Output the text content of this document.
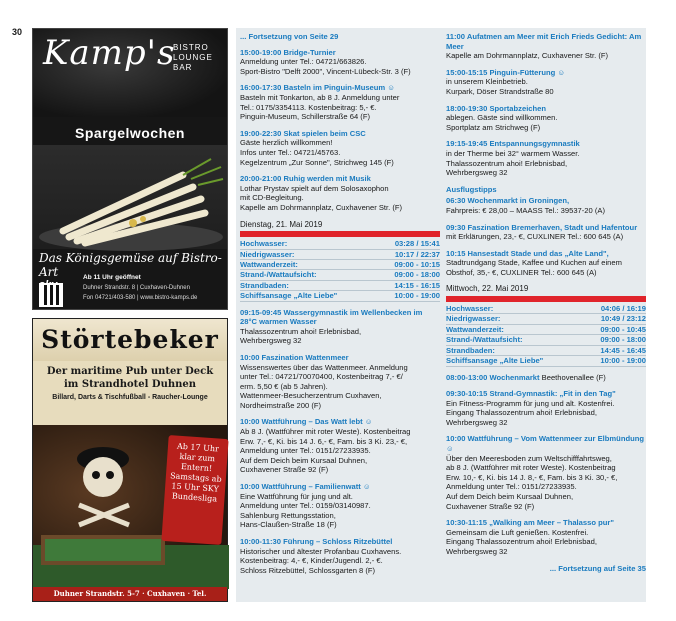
30
Kamp's
BISTRO
LOUNGE
BAR
Spargelwochen
Das Königsgemüse auf Bistro-Art	Ab 11 Uhr geöffnet
Duhner Strandstr. 8 | Cuxhaven-Duhnen
Fon 04721/403-580 | www.bistro-kamps.de
Störtebeker
Der maritime Pub unter Deck
im Strandhotel Duhnen
Billard, Darts & Tischfußball - Raucher-Lounge
Ab 17 Uhr
klar zum
Entern!
Samstags ab
15 Uhr SKY
Bundesliga
Duhner Strandstr. 5-7 · Cuxhaven · Tel. 04721/403512
... Fortsetzung von Seite 29
15:00-19:00 Bridge-Turnier
Anmeldung unter Tel.: 04721/663826.
Sport-Bistro "Delft 2000", Vincent-Lübeck-Str. 3 (F)
16:00-17:30 Basteln im Pinguin-Museum ☺
Basteln mit Tonkarton, ab 8 J. Anmeldung unter
Tel.: 0175/3354113. Kostenbeitrag: 5,- €.
Pinguin-Museum, Schillerstraße 64 (F)
19:00-22:30 Skat spielen beim CSC
Gäste herzlich willkommen!
Infos unter Tel.: 04721/45763.
Kegelzentrum „Zur Sonne", Strichweg 145 (F)
20:00-21:00 Ruhig werden mit Musik
Lothar Prystav spielt auf dem Solosaxophon
mit CD-Begleitung.
Kapelle am Dohrmannplatz, Cuxhavener Str. (F)
Dienstag, 21. Mai 2019
Hochwasser:	03:28 / 15:41
Niedrigwasser:	10:17 / 22:37
Wattwanderzeit:	09:00 - 10:15
Strand-/Wattaufsicht:	09:00 - 18:00
Strandbaden:	14:15 - 16:15
Schiffsansage „Alte Liebe"	10:00 - 19:00
09:15-09:45 Wassergymnastik im Wellenbecken im 28°C warmen Wasser
Thalassozentrum ahoi! Erlebnisbad,
Wehrbergsweg 32
10:00 Faszination Wattenmeer
Wissenswertes über das Wattenmeer. Anmeldung
unter Tel.: 04721/70070400, Kostenbeitrag 7,- €/
erm. 5,50 € (ab 5 Jahren).
Wattenmeer-Besucherzentrum Cuxhaven,
Nordheimstraße 200 (F)
10:00 Wattführung – Das Watt lebt ☺
Ab 8 J. (Wattführer mit roter Weste). Kostenbeitrag
Erw. 7,- €, Ki. bis 14 J. 6,- €, Fam. bis 3 Ki. 23,- €,
Anmeldung unter Tel.: 0151/27233935.
Auf dem Deich beim Kursaal Duhnen,
Cuxhavener Straße 92 (F)
10:00 Wattführung – Familienwatt ☺
Eine Wattführung für jung und alt.
Anmeldung unter Tel.: 0159/03140987.
Sahlenburg Rettungsstation,
Hans-Claußen-Straße 18 (F)
10:00-11:30 Führung – Schloss Ritzebüttel
Historischer und ältester Profanbau Cuxhavens.
Kostenbeitrag: 4,- €, Kinder/Jugendl. 2,- €.
Schloss Ritzebüttel, Schlossgarten 8 (F)
11:00 Aufatmen am Meer mit Erich Frieds Gedicht: Am Meer
Kapelle am Dohrmannplatz, Cuxhavener Str. (F)
15:00-15:15 Pinguin-Fütterung ☺
in unserem Kleinbetrieb.
Kurpark, Döser Strandstraße 80
18:00-19:30 Sportabzeichen
ablegen. Gäste sind willkommen.
Sportplatz am Strichweg (F)
19:15-19:45 Entspannungsgymnastik
in der Therme bei 32° warmem Wasser.
Thalassozentrum ahoi! Erlebnisbad,
Wehrbergsweg 32
Ausflugstipps
06:30 Wochenmarkt in Groningen,
Fahrpreis: € 28,00 – MAASS Tel.: 39537-20 (A)
09:30 Faszination Bremerhaven, Stadt und Hafentour
mit Erklärungen, 23,- €, CUXLINER Tel.: 600 645 (A)
10:15 Hansestadt Stade und das „Alte Land",
Stadtrundgang Stade, Kaffee und Kuchen auf einem
Obsthof, 35,- €, CUXLINER Tel.: 600 645 (A)
Mittwoch, 22. Mai 2019
Hochwasser:	04:06 / 16:19
Niedrigwasser:	10:49 / 23:12
Wattwanderzeit:	09:00 - 10:45
Strand-/Wattaufsicht:	09:00 - 18:00
Strandbaden:	14:45 - 16:45
Schiffsansage „Alte Liebe"	10:00 - 19:00
08:00-13:00 Wochenmarkt Beethovenallee (F)
09:30-10:15 Strand-Gymnastik: „Fit in den Tag"
Ein Fitness-Programm für jung und alt. Kostenfrei.
Eingang Thalassozentrum ahoi! Erlebnisbad,
Wehrbergsweg 32
10:00 Wattführung – Vom Wattenmeer zur Elbmündung ☺
Über den Meeresboden zum Weltschifffahrtsweg,
ab 8 J. (Wattführer mit roter Weste). Kostenbeitrag
Erw. 10,- €, Ki. bis 14 J. 8,- €, Fam. bis 3 Ki. 30,- €,
Anmeldung unter Tel.: 0151/27233935.
Auf dem Deich beim Kursaal Duhnen,
Cuxhavener Straße 92 (F)
10:30-11:15 „Walking am Meer – Thalasso pur"
Gemeinsam die Luft genießen. Kostenfrei.
Eingang Thalassozentrum ahoi! Erlebnisbad,
Wehrbergsweg 32
... Fortsetzung auf Seite 35
